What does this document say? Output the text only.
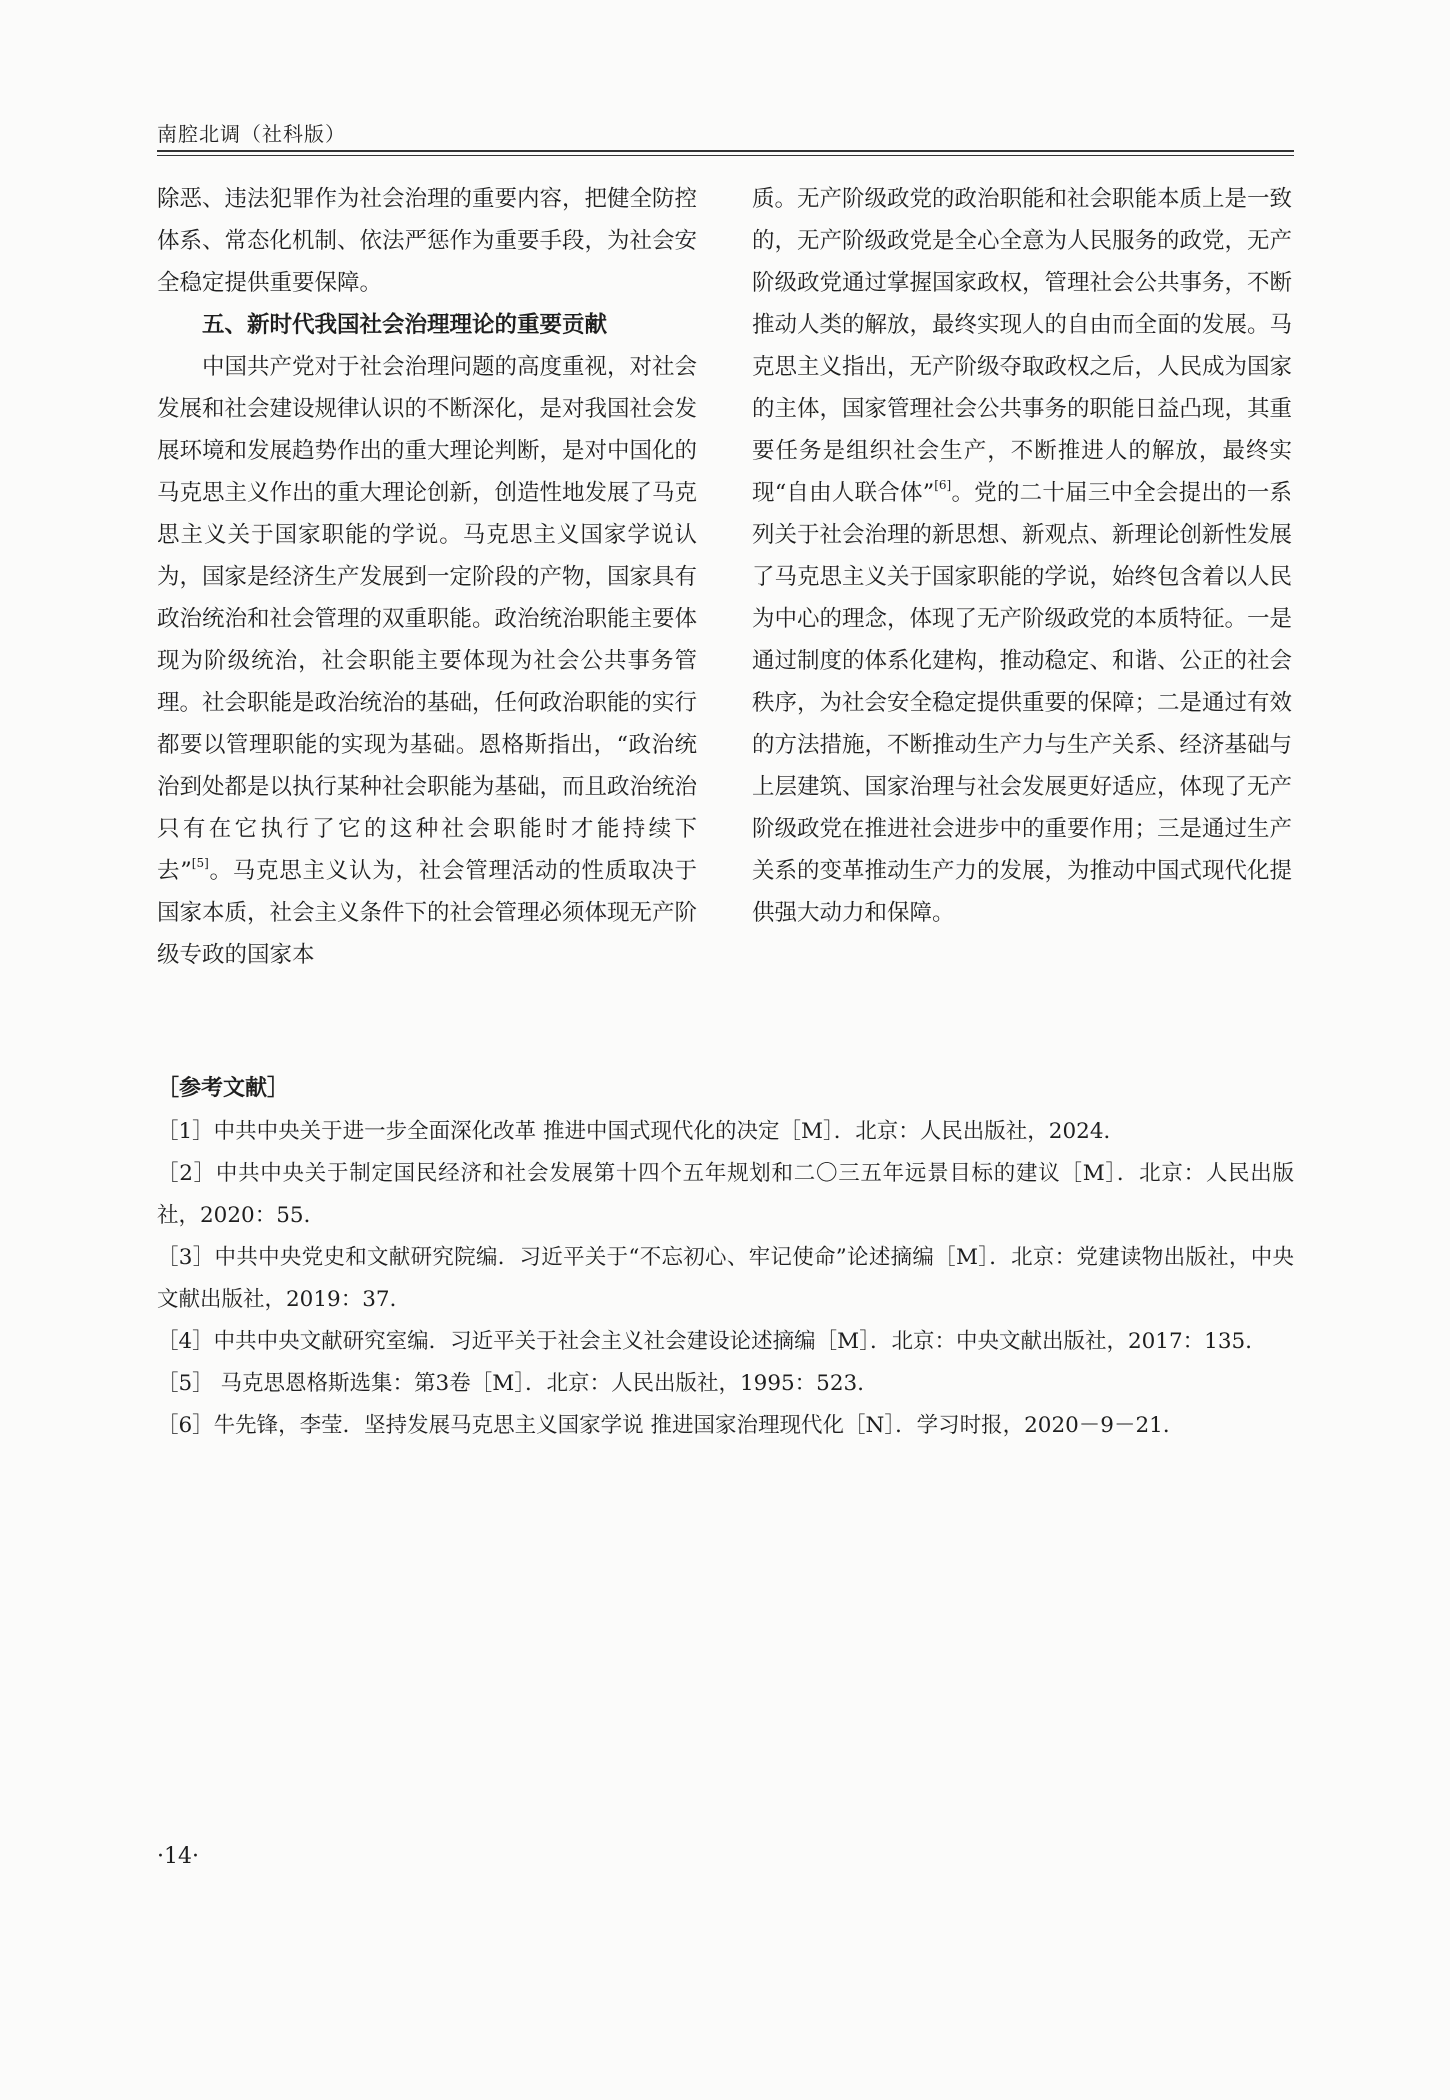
南腔北调（社科版）

除恶、违法犯罪作为社会治理的重要内容，把健全防控体系、常态化机制、依法严惩作为重要手段，为社会安全稳定提供重要保障。

五、新时代我国社会治理理论的重要贡献

中国共产党对于社会治理问题的高度重视，对社会发展和社会建设规律认识的不断深化，是对我国社会发展环境和发展趋势作出的重大理论判断，是对中国化的马克思主义作出的重大理论创新，创造性地发展了马克思主义关于国家职能的学说。马克思主义国家学说认为，国家是经济生产发展到一定阶段的产物，国家具有政治统治和社会管理的双重职能。政治统治职能主要体现为阶级统治，社会职能主要体现为社会公共事务管理。社会职能是政治统治的基础，任何政治职能的实行都要以管理职能的实现为基础。恩格斯指出，“政治统治到处都是以执行某种社会职能为基础，而且政治统治只有在它执行了它的这种社会职能时才能持续下去”[5]。马克思主义认为，社会管理活动的性质取决于国家本质，社会主义条件下的社会管理必须体现无产阶级专政的国家本

质。无产阶级政党的政治职能和社会职能本质上是一致的，无产阶级政党是全心全意为人民服务的政党，无产阶级政党通过掌握国家政权，管理社会公共事务，不断推动人类的解放，最终实现人的自由而全面的发展。马克思主义指出，无产阶级夺取政权之后，人民成为国家的主体，国家管理社会公共事务的职能日益凸现，其重要任务是组织社会生产，不断推进人的解放，最终实现“自由人联合体”[6]。党的二十届三中全会提出的一系列关于社会治理的新思想、新观点、新理论创新性发展了马克思主义关于国家职能的学说，始终包含着以人民为中心的理念，体现了无产阶级政党的本质特征。一是通过制度的体系化建构，推动稳定、和谐、公正的社会秩序，为社会安全稳定提供重要的保障；二是通过有效的方法措施，不断推动生产力与生产关系、经济基础与上层建筑、国家治理与社会发展更好适应，体现了无产阶级政党在推进社会进步中的重要作用；三是通过生产关系的变革推动生产力的发展，为推动中国式现代化提供强大动力和保障。

［参考文献］

［1］中共中央关于进一步全面深化改革 推进中国式现代化的决定［M］．北京：人民出版社，2024．

［2］中共中央关于制定国民经济和社会发展第十四个五年规划和二〇三五年远景目标的建议［M］．北京：人民出版社，2020：55．

［3］中共中央党史和文献研究院编．习近平关于“不忘初心、牢记使命”论述摘编［M］．北京：党建读物出版社，中央文献出版社，2019：37．

［4］中共中央文献研究室编．习近平关于社会主义社会建设论述摘编［M］．北京：中央文献出版社，2017：135．

［5］ 马克思恩格斯选集：第3卷［M］．北京：人民出版社，1995：523．

［6］牛先锋，李莹．坚持发展马克思主义国家学说 推进国家治理现代化［N］．学习时报，2020－9－21．

·14·
